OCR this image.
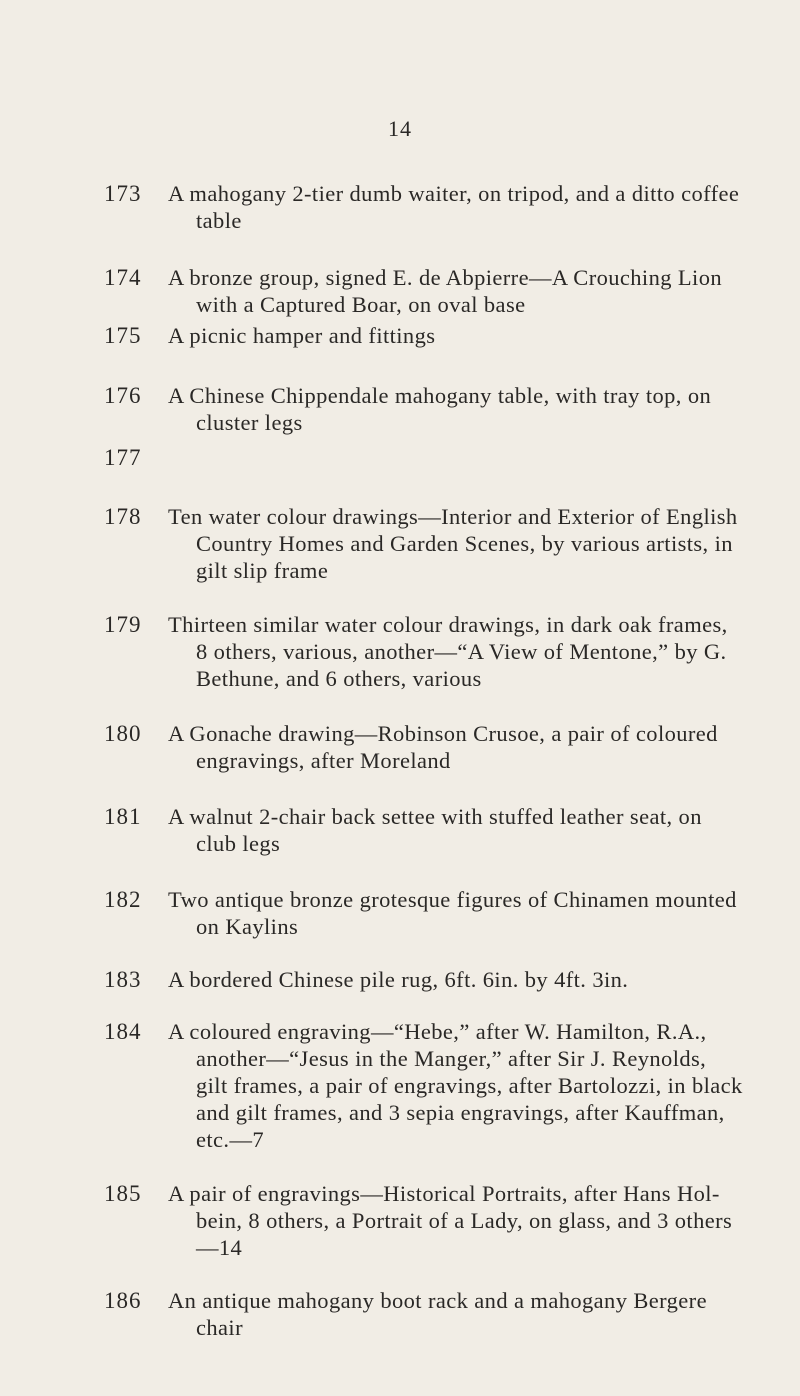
14
173 A mahogany 2-tier dumb waiter, on tripod, and a ditto coffee
table
174 A bronze group, signed E. de Abpierre—A Crouching Lion
with a Captured Boar, on oval base
175 A picnic hamper and fittings
176 A Chinese Chippendale mahogany table, with tray top, on
cluster legs
177
178 Ten water colour drawings—Interior and Exterior of English
Country Homes and Garden Scenes, by various artists, in
gilt slip frame
179 Thirteen similar water colour drawings, in dark oak frames,
8 others, various, another—“A View of Mentone,” by G.
Bethune, and 6 others, various
180 A Gonache drawing—Robinson Crusoe, a pair of coloured
engravings, after Moreland
181 A walnut 2-chair back settee with stuffed leather seat, on
club legs
182 Two antique bronze grotesque figures of Chinamen mounted
on Kaylins
183 A bordered Chinese pile rug, 6ft. 6in. by 4ft. 3in.
184 A coloured engraving—“Hebe,” after W. Hamilton, R.A.,
another—“Jesus in the Manger,” after Sir J. Reynolds,
gilt frames, a pair of engravings, after Bartolozzi, in black
and gilt frames, and 3 sepia engravings, after Kauffman,
etc.—7
185 A pair of engravings—Historical Portraits, after Hans Hol-
bein, 8 others, a Portrait of a Lady, on glass, and 3 others
—14
186 An antique mahogany boot rack and a mahogany Bergere
chair
